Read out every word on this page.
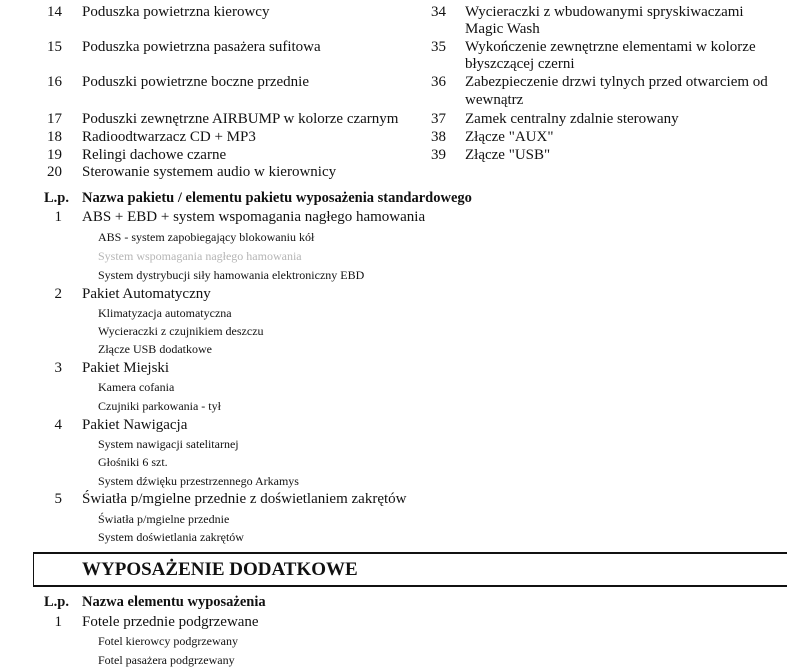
14 Poduszka powietrzna kierowcy
15 Poduszka powietrzna pasażera sufitowa
16 Poduszki powietrzne boczne przednie
17 Poduszki zewnętrzne AIRBUMP w kolorze czarnym
18 Radioodtwarzacz CD + MP3
19 Relingi dachowe czarne
20 Sterowanie systemem audio w kierownicy
34 Wycieraczki z wbudowanymi spryskiwaczami
Magic Wash
35 Wykończenie zewnętrzne elementami w kolorze
błyszczącej czerni
36 Zabezpieczenie drzwi tylnych przed otwarciem od
wewnątrz
37 Zamek centralny zdalnie sterowany
38 Złącze "AUX"
39 Złącze "USB"
L.p. Nazwa pakietu / elementu pakietu wyposażenia standardowego
1 ABS + EBD + system wspomagania nagłego hamowania
ABS - system zapobiegający blokowaniu kół
System wspomagania nagłego hamowania
System dystrybucji siły hamowania elektroniczny EBD
2 Pakiet Automatyczny
Klimatyzacja automatyczna
Wycieraczki z czujnikiem deszczu
Złącze USB dodatkowe
3 Pakiet Miejski
Kamera cofania
Czujniki parkowania - tył
4 Pakiet Nawigacja
System nawigacji satelitarnej
Głośniki 6 szt.
System dźwięku przestrzennego Arkamys
5 Światła p/mgielne przednie z doświetlaniem zakrętów
Światła p/mgielne przednie
System doświetlania zakrętów
WYPOSAŻENIE DODATKOWE
L.p. Nazwa elementu wyposażenia
1 Fotele przednie podgrzewane
Fotel kierowcy podgrzewany
Fotel pasażera podgrzewany
